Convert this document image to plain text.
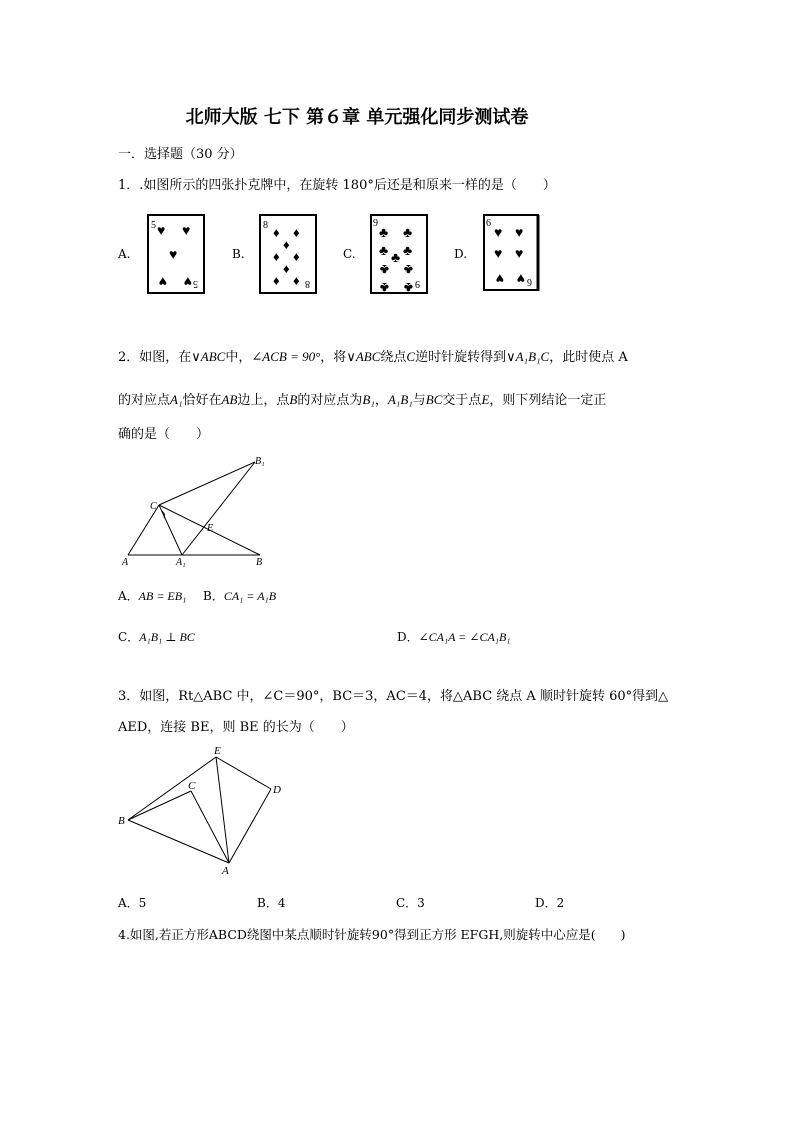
北师大版 七下 第６章 单元强化同步测试卷
一．选择题（30 分）
1．.如图所示的四张扑克牌中，在旋转 180°后还是和原来一样的是（　　）
A.	B.	C.	D.
5 ♥ ♥
♥
♥ ♥ 5
8 ♦ ♦
♦
♦ ♦
♦
♦ ♦ 8
9
♣ ♣
♣ ♣
♣
♣ ♣
♣ ♣ 9
6
♥ ♥
♥ ♥
♥ ♥ 6
2．如图，在∨ABC中，∠ACB = 90°，将∨ABC绕点C逆时针旋转得到∨A₁B₁C，此时使点 A
的对应点A₁恰好在AB边上，点B的对应点为B₁，A₁B₁与BC交于点E，则下列结论一定正
确的是（　　）
A	A₁	B
B₁
C
E
A．AB = EB₁ B．CA₁ = A₁B
C．A₁B₁ ⊥ BC	D．∠CA₁A = ∠CA₁B₁
3．如图，Rt△ABC 中，∠C＝90°，BC＝3，AC＝4，将△ABC 绕点 A 顺时针旋转 60°得到△
AED，连接 BE，则 BE 的长为（　　）
B
C
E
D
A
A．5	B．4	C．3	D．2
4.如图,若正方形ABCD绕图中某点顺时针旋转90°得到正方形 EFGH,则旋转中心应是(　　)
